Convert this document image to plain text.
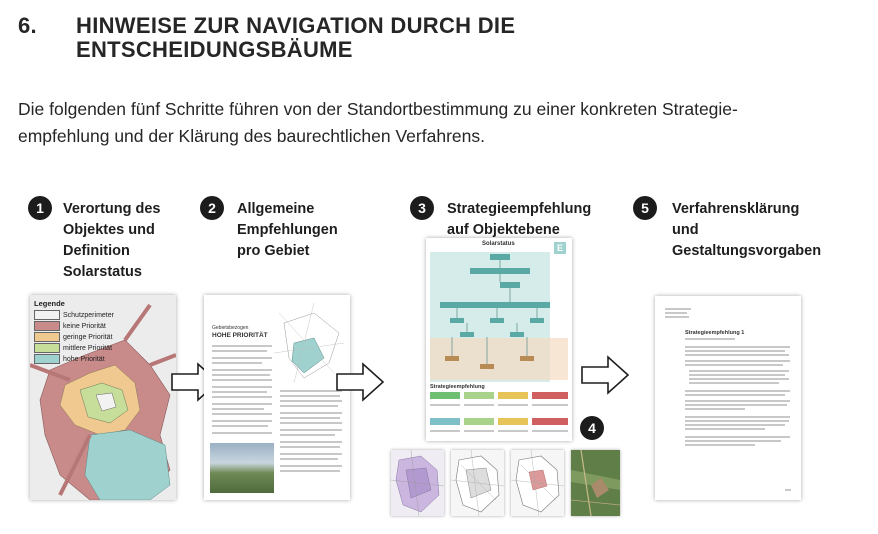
6. HINWEISE ZUR NAVIGATION DURCH DIE
ENTSCHEIDUNGSBÄUME
Die folgenden fünf Schritte führen von der Standortbestimmung zu einer konkreten Strategie-
empfehlung und der Klärung des baurechtlichen Verfahrens.
1	Verortung des
Objektes und
Definition
Solarstatus
2	Allgemeine
Empfehlungen
pro Gebiet
3	Strategieempfehlung
auf Objektebene
5	Verfahrensklärung
und
Gestaltungsvorgaben
Legende
Schutzperimeter
keine Priorität
geringe Priorität
mittlere Priorität
hohe Priorität
Gebietsbezogen
HOHE PRIORITÄT
Solarstatus	E
Strategieempfehlung
4
Strategieempfehlung 1
